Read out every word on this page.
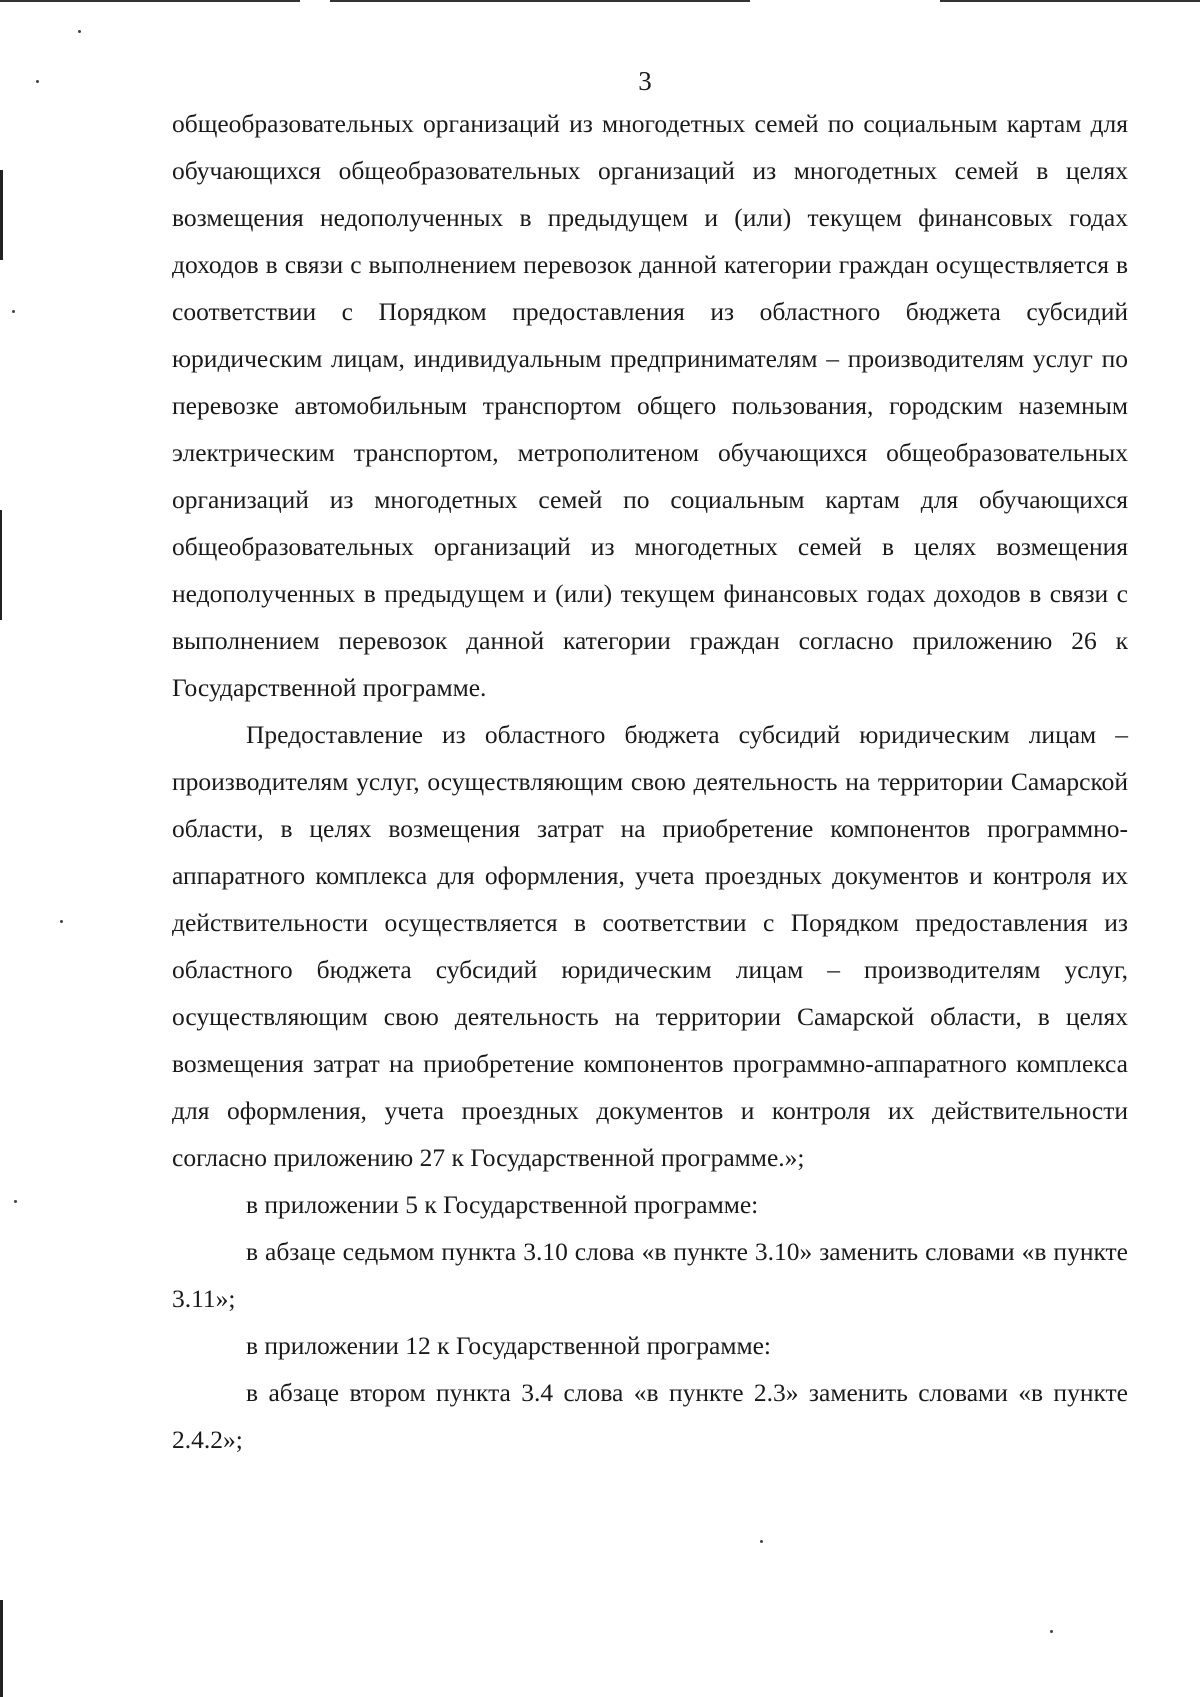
3

общеобразовательных организаций из многодетных семей по социальным картам для обучающихся общеобразовательных организаций из многодетных семей в целях возмещения недополученных в предыдущем и (или) текущем финансовых годах доходов в связи с выполнением перевозок данной категории граждан осуществляется в соответствии с Порядком предоставления из областного бюджета субсидий юридическим лицам, индивидуальным предпринимателям – производителям услуг по перевозке автомобильным транспортом общего пользования, городским наземным электрическим транспортом, метрополитеном обучающихся общеобразовательных организаций из многодетных семей по социальным картам для обучающихся общеобразовательных организаций из многодетных семей в целях возмещения недополученных в предыдущем и (или) текущем финансовых годах доходов в связи с выполнением перевозок данной категории граждан согласно приложению 26 к Государственной программе.

Предоставление из областного бюджета субсидий юридическим лицам – производителям услуг, осуществляющим свою деятельность на территории Самарской области, в целях возмещения затрат на приобретение компонентов программно-аппаратного комплекса для оформления, учета проездных документов и контроля их действительности осуществляется в соответствии с Порядком предоставления из областного бюджета субсидий юридическим лицам – производителям услуг, осуществляющим свою деятельность на территории Самарской области, в целях возмещения затрат на приобретение компонентов программно-аппаратного комплекса для оформления, учета проездных документов и контроля их действительности согласно приложению 27 к Государственной программе.»;

в приложении 5 к Государственной программе:

в абзаце седьмом пункта 3.10 слова «в пункте 3.10» заменить словами «в пункте 3.11»;

в приложении 12 к Государственной программе:

в абзаце втором пункта 3.4 слова «в пункте 2.3» заменить словами «в пункте 2.4.2»;
